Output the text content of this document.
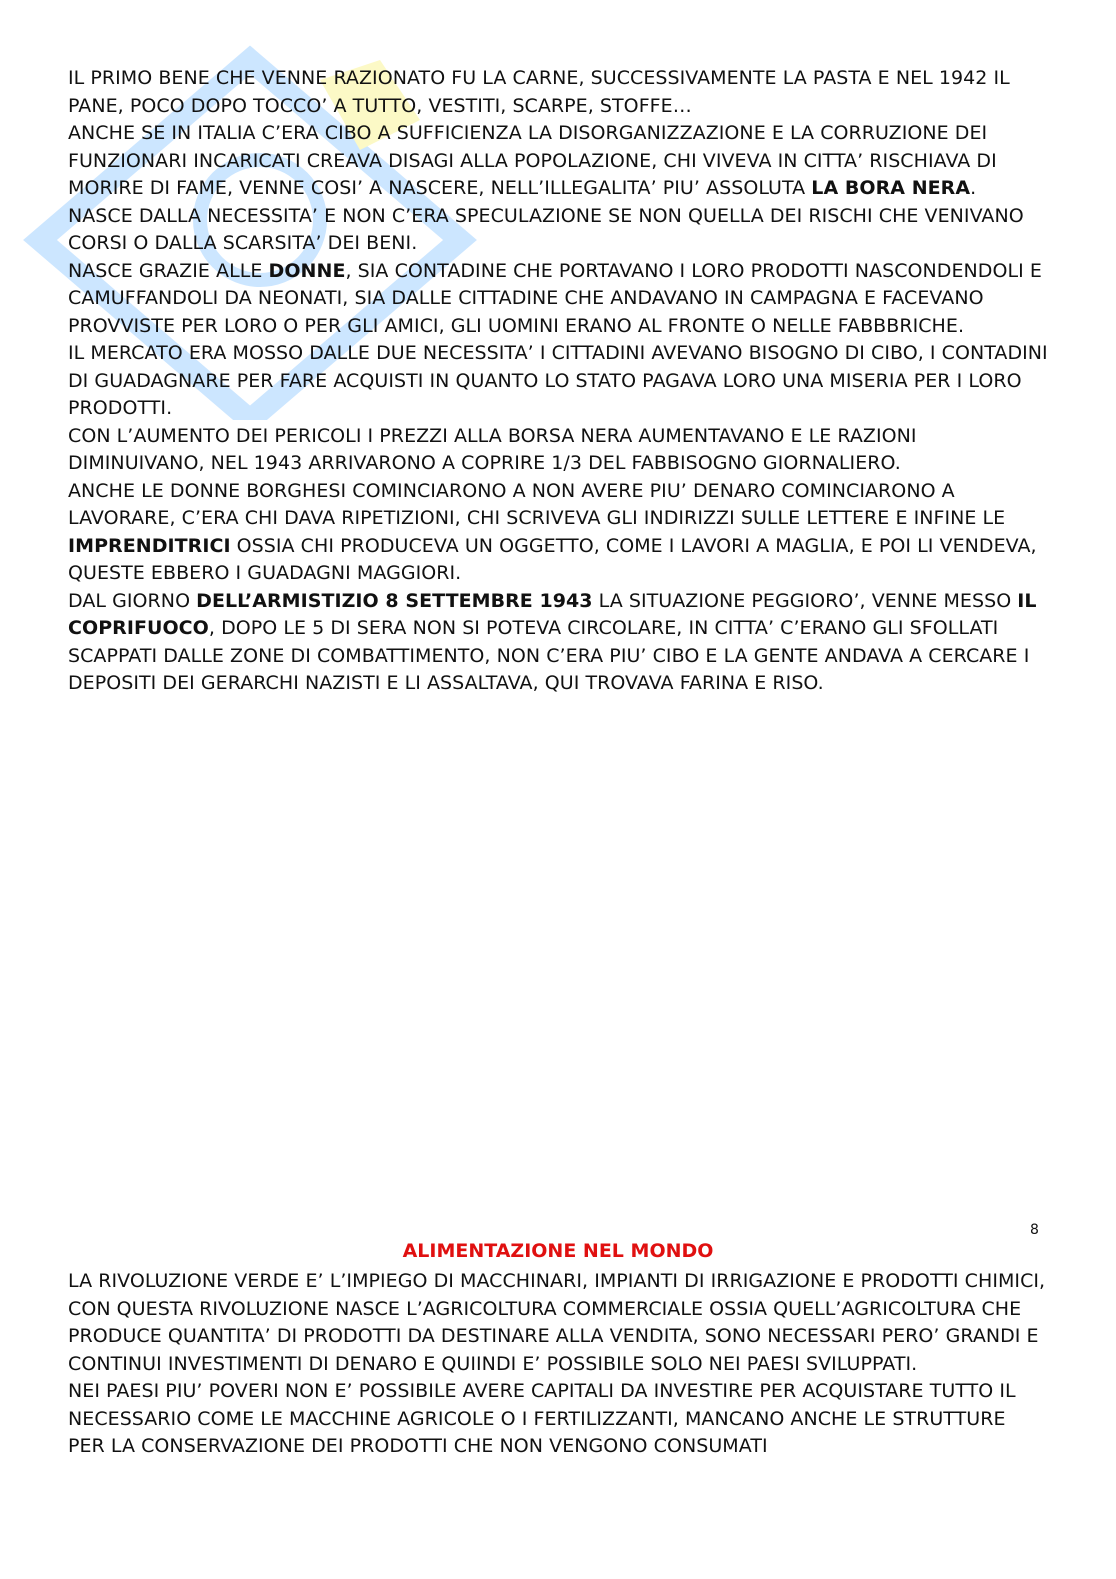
IL PRIMO BENE CHE VENNE RAZIONATO FU LA CARNE, SUCCESSIVAMENTE LA PASTA E NEL 1942 IL PANE, POCO DOPO TOCCO’ A TUTTO, VESTITI, SCARPE, STOFFE…

ANCHE SE IN ITALIA C’ERA CIBO A SUFFICIENZA LA DISORGANIZZAZIONE E LA CORRUZIONE DEI FUNZIONARI INCARICATI CREAVA DISAGI ALLA POPOLAZIONE, CHI VIVEVA IN CITTA’ RISCHIAVA DI MORIRE DI FAME, VENNE COSI’ A NASCERE, NELL’ILLEGALITA’ PIU’ ASSOLUTA LA BORA NERA.

NASCE DALLA NECESSITA’ E NON C’ERA SPECULAZIONE SE NON QUELLA DEI RISCHI CHE VENIVANO CORSI O DALLA SCARSITA’ DEI BENI.

NASCE GRAZIE ALLE DONNE, SIA CONTADINE CHE PORTAVANO I LORO PRODOTTI NASCONDENDOLI E CAMUFFANDOLI DA NEONATI, SIA DALLE CITTADINE CHE ANDAVANO IN CAMPAGNA E FACEVANO PROVVISTE PER LORO O PER GLI AMICI, GLI UOMINI ERANO AL FRONTE O NELLE FABBBRICHE.

IL MERCATO ERA MOSSO DALLE DUE NECESSITA’ I CITTADINI AVEVANO BISOGNO DI CIBO, I CONTADINI DI GUADAGNARE PER FARE ACQUISTI IN QUANTO LO STATO PAGAVA LORO UNA MISERIA PER I LORO PRODOTTI.

CON L’AUMENTO DEI PERICOLI I PREZZI ALLA BORSA NERA AUMENTAVANO E LE RAZIONI DIMINUIVANO, NEL 1943 ARRIVARONO A COPRIRE 1/3 DEL FABBISOGNO GIORNALIERO.

ANCHE LE DONNE BORGHESI COMINCIARONO A NON AVERE PIU’ DENARO COMINCIARONO A LAVORARE, C’ERA CHI DAVA RIPETIZIONI, CHI SCRIVEVA GLI INDIRIZZI SULLE LETTERE E INFINE LE IMPRENDITRICI OSSIA CHI PRODUCEVA UN OGGETTO, COME I LAVORI A MAGLIA, E POI LI VENDEVA, QUESTE EBBERO I GUADAGNI MAGGIORI.

DAL GIORNO DELL’ARMISTIZIO 8 SETTEMBRE 1943 LA SITUAZIONE PEGGIORO’, VENNE MESSO IL COPRIFUOCO, DOPO LE 5 DI SERA NON SI POTEVA CIRCOLARE, IN CITTA’ C’ERANO GLI SFOLLATI SCAPPATI DALLE ZONE DI COMBATTIMENTO, NON C’ERA PIU’ CIBO E LA GENTE ANDAVA A CERCARE I DEPOSITI DEI GERARCHI NAZISTI E LI ASSALTAVA, QUI TROVAVA FARINA E RISO.

8
ALIMENTAZIONE NEL MONDO

LA RIVOLUZIONE VERDE E’ L’IMPIEGO DI MACCHINARI, IMPIANTI DI IRRIGAZIONE E PRODOTTI CHIMICI, CON QUESTA RIVOLUZIONE NASCE L’AGRICOLTURA COMMERCIALE OSSIA QUELL’AGRICOLTURA CHE PRODUCE QUANTITA’ DI PRODOTTI DA DESTINARE ALLA VENDITA, SONO NECESSARI PERO’ GRANDI E CONTINUI INVESTIMENTI DI DENARO E QUIINDI E’ POSSIBILE SOLO NEI PAESI SVILUPPATI.

NEI PAESI PIU’ POVERI NON E’ POSSIBILE AVERE CAPITALI DA INVESTIRE PER ACQUISTARE TUTTO IL NECESSARIO COME LE MACCHINE AGRICOLE O I FERTILIZZANTI, MANCANO ANCHE LE STRUTTURE PER LA CONSERVAZIONE DEI PRODOTTI CHE NON VENGONO CONSUMATI
